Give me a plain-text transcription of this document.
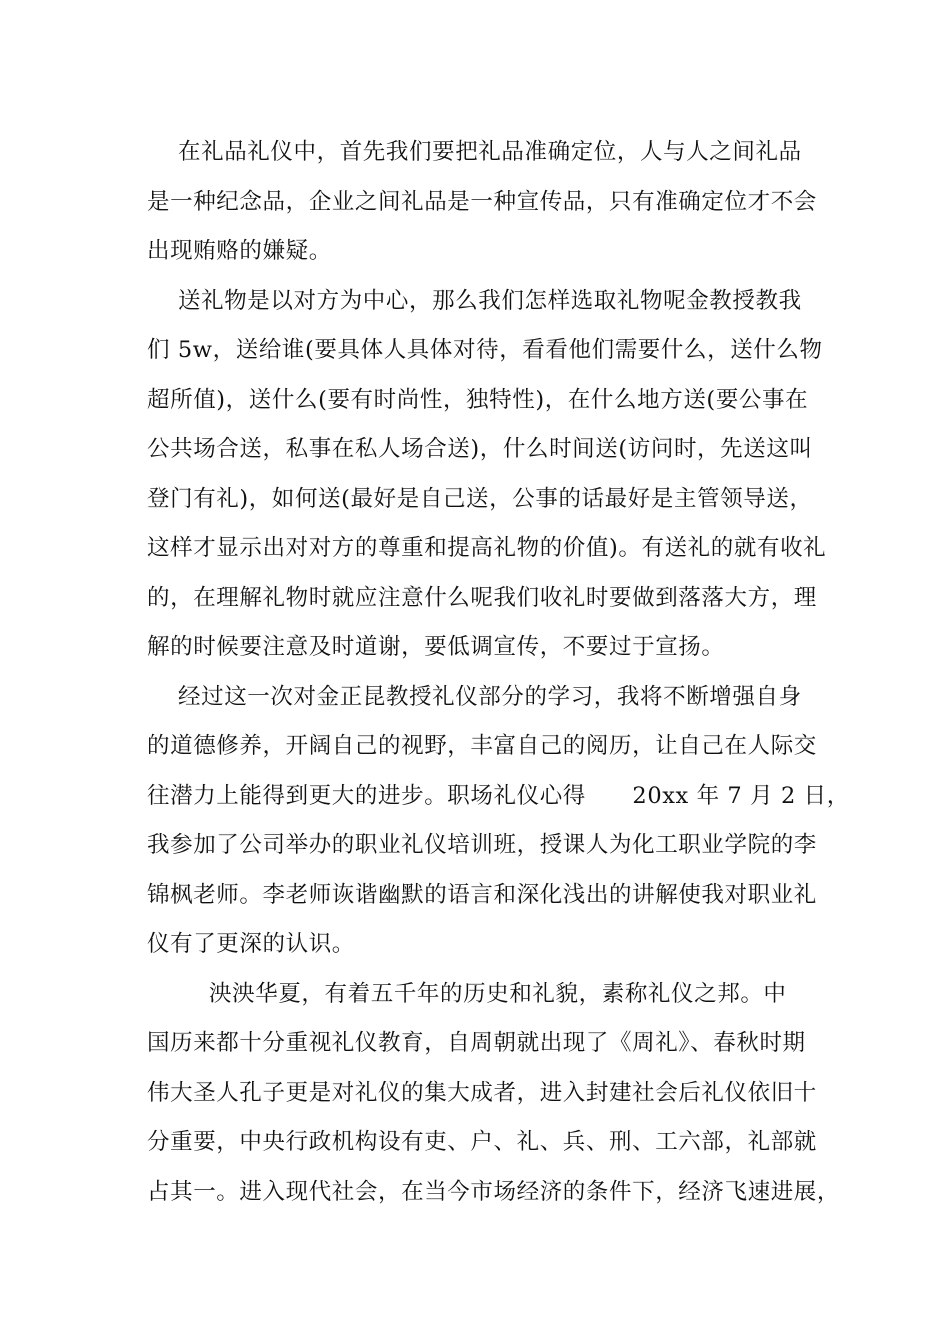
在礼品礼仪中，首先我们要把礼品准确定位，人与人之间礼品
是一种纪念品，企业之间礼品是一种宣传品，只有准确定位才不会
出现贿赂的嫌疑。
送礼物是以对方为中心，那么我们怎样选取礼物呢金教授教我
们 5w，送给谁(要具体人具体对待，看看他们需要什么，送什么物
超所值)，送什么(要有时尚性，独特性)，在什么地方送(要公事在
公共场合送，私事在私人场合送)，什么时间送(访问时，先送这叫
登门有礼)，如何送(最好是自己送，公事的话最好是主管领导送，
这样才显示出对对方的尊重和提高礼物的价值)。有送礼的就有收礼
的，在理解礼物时就应注意什么呢我们收礼时要做到落落大方，理
解的时候要注意及时道谢，要低调宣传，不要过于宣扬。
经过这一次对金正昆教授礼仪部分的学习，我将不断增强自身
的道德修养，开阔自己的视野，丰富自己的阅历，让自己在人际交
往潜力上能得到更大的进步。职场礼仪心得      20xx 年 7 月 2 日，
我参加了公司举办的职业礼仪培训班，授课人为化工职业学院的李
锦枫老师。李老师诙谐幽默的语言和深化浅出的讲解使我对职业礼
仪有了更深的认识。
泱泱华夏，有着五千年的历史和礼貌，素称礼仪之邦。中
国历来都十分重视礼仪教育，自周朝就出现了《周礼》、春秋时期
伟大圣人孔子更是对礼仪的集大成者，进入封建社会后礼仪依旧十
分重要，中央行政机构设有吏、户、礼、兵、刑、工六部，礼部就
占其一。进入现代社会，在当今市场经济的条件下，经济飞速进展，
